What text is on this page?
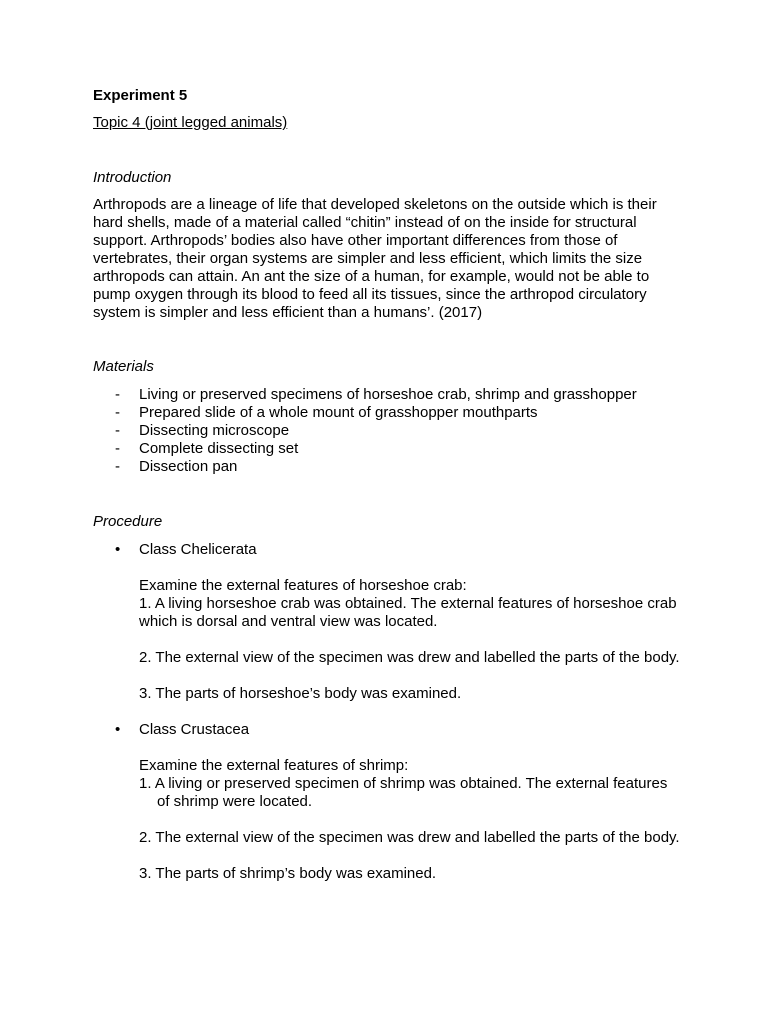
Experiment 5

Topic 4 (joint legged animals)

Introduction

Arthropods are a lineage of life that developed skeletons on the outside which is their hard shells, made of a material called “chitin” instead of on the inside for structural support. Arthropods’ bodies also have other important differences from those of vertebrates, their organ systems are simpler and less efficient, which limits the size arthropods can attain. An ant the size of a human, for example, would not be able to pump oxygen through its blood to feed all its tissues, since the arthropod circulatory system is simpler and less efficient than a humans’. (2017)

Materials

- Living or preserved specimens of horseshoe crab, shrimp and grasshopper
- Prepared slide of a whole mount of grasshopper mouthparts
- Dissecting microscope
- Complete dissecting set
- Dissection pan

Procedure

• Class Chelicerata
Examine the external features of horseshoe crab:
1. A living horseshoe crab was obtained. The external features of horseshoe crab which is dorsal and ventral view was located.
2. The external view of the specimen was drew and labelled the parts of the body.
3. The parts of horseshoe’s body was examined.
• Class Crustacea
Examine the external features of shrimp:
1. A living or preserved specimen of shrimp was obtained. The external features of shrimp were located.
2. The external view of the specimen was drew and labelled the parts of the body.
3. The parts of shrimp’s body was examined.
